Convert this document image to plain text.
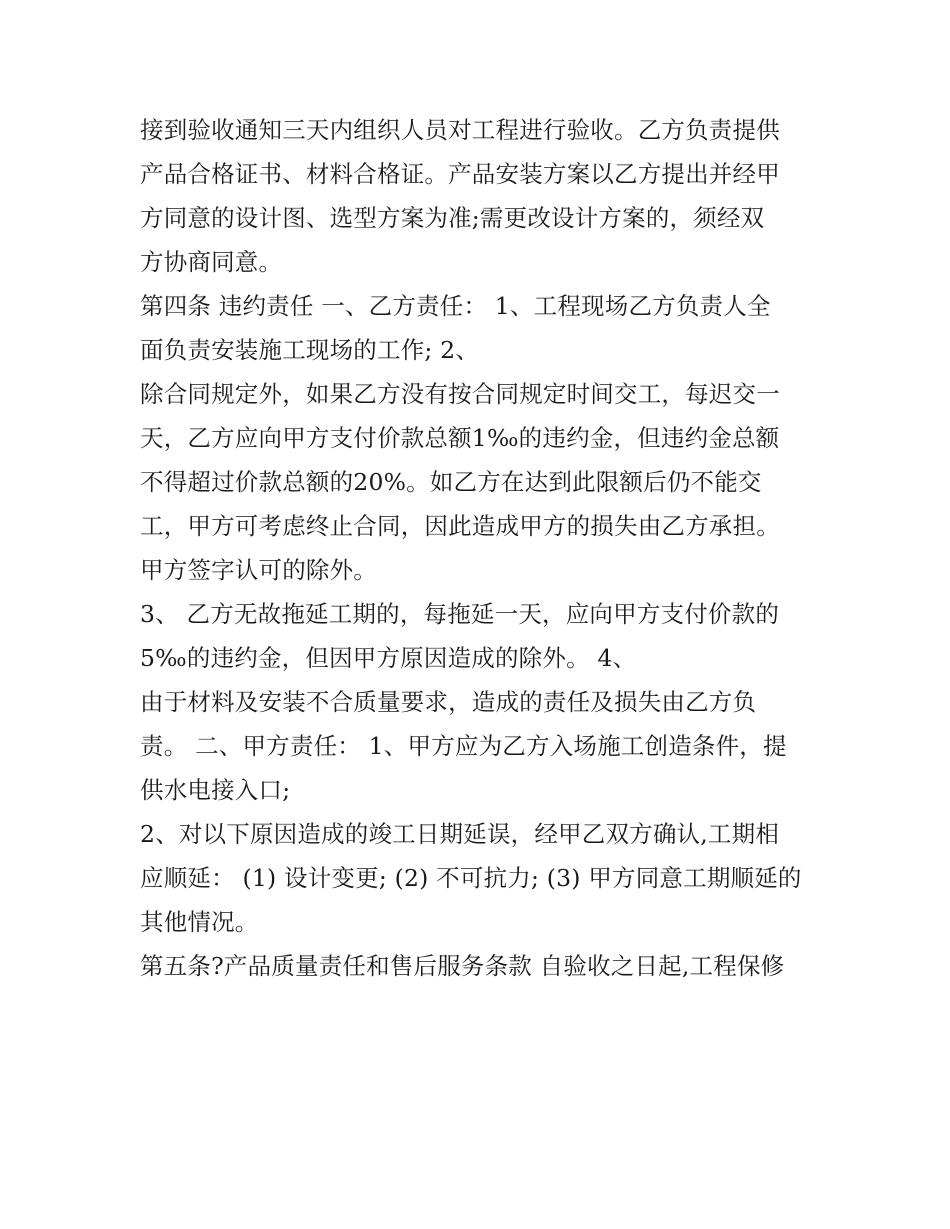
接到验收通知三天内组织人员对工程进行验收。乙方负责提供
产品合格证书、材料合格证。产品安装方案以乙方提出并经甲
方同意的设计图、选型方案为准;需更改设计方案的，须经双
方协商同意。
第四条 违约责任 一、乙方责任： 1、工程现场乙方负责人全
面负责安装施工现场的工作; 2、
除合同规定外，如果乙方没有按合同规定时间交工，每迟交一
天，乙方应向甲方支付价款总额1‰的违约金，但违约金总额
不得超过价款总额的20%。如乙方在达到此限额后仍不能交
工，甲方可考虑终止合同，因此造成甲方的损失由乙方承担。
甲方签字认可的除外。
3、 乙方无故拖延工期的，每拖延一天，应向甲方支付价款的
5‰的违约金，但因甲方原因造成的除外。 4、
由于材料及安装不合质量要求，造成的责任及损失由乙方负
责。 二、甲方责任： 1、甲方应为乙方入场施工创造条件，提
供水电接入口;
2、对以下原因造成的竣工日期延误，经甲乙双方确认,工期相
应顺延： (1) 设计变更; (2) 不可抗力; (3) 甲方同意工期顺延的
其他情况。
第五条?产品质量责任和售后服务条款 自验收之日起,工程保修
